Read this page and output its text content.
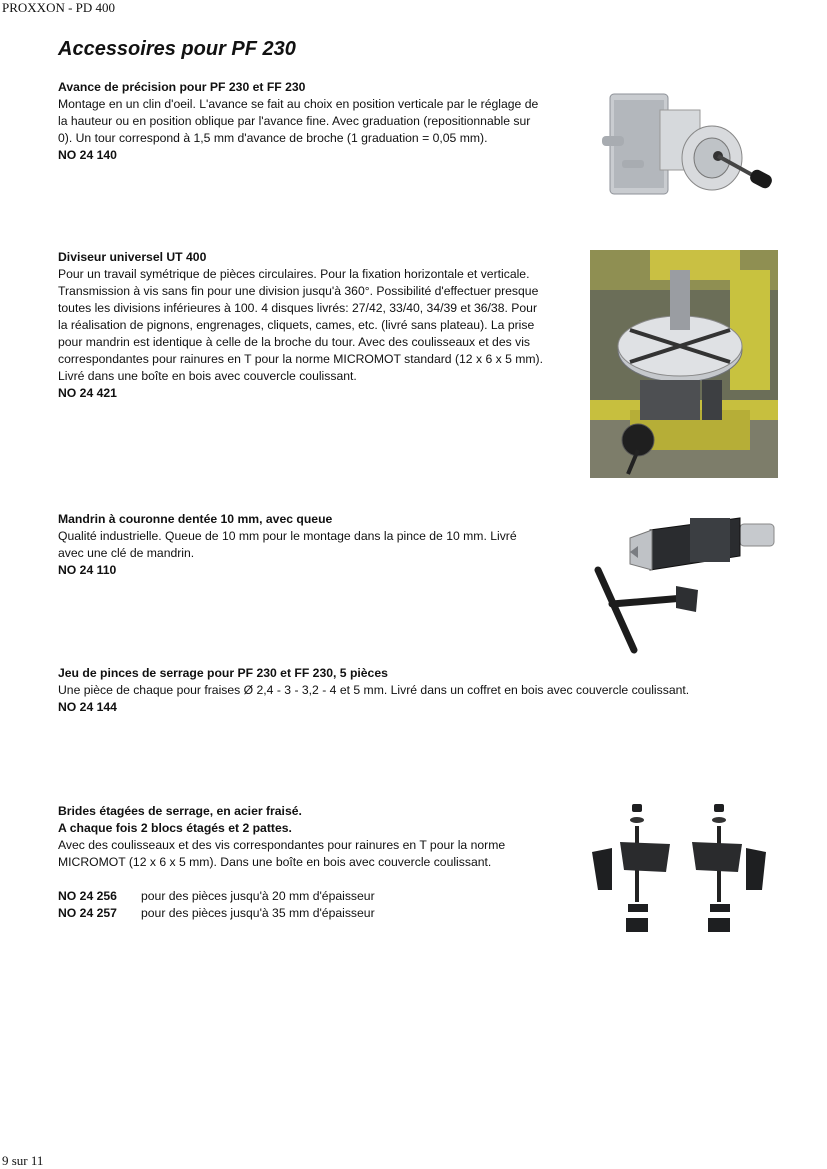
PROXXON - PD 400
Accessoires pour PF 230

Avance de précision pour PF 230 et FF 230

Montage en un clin d'oeil. L'avance se fait au choix en position verticale par le réglage de

la hauteur ou en position oblique par l'avance fine. Avec graduation (repositionnable sur

0). Un tour correspond à 1,5 mm d'avance de broche (1 graduation = 0,05 mm).

NO 24 140

Diviseur universel UT 400

Pour un travail symétrique de pièces circulaires. Pour la fixation horizontale et verticale.

Transmission à vis sans fin pour une division jusqu'à 360°. Possibilité d'effectuer presque

toutes les divisions inférieures à 100. 4 disques livrés: 27/42, 33/40, 34/39 et 36/38. Pour

la réalisation de pignons, engrenages, cliquets, cames, etc. (livré sans plateau). La prise

pour mandrin est identique à celle de la broche du tour. Avec des coulisseaux et des vis

correspondantes pour rainures en T pour la norme MICROMOT standard (12 x 6 x 5 mm).

Livré dans une boîte en bois avec couvercle coulissant.

NO 24 421

Mandrin à couronne dentée 10 mm, avec queue

Qualité industrielle. Queue de 10 mm pour le montage dans la pince de 10 mm. Livré

avec une clé de mandrin.

NO 24 110

Jeu de pinces de serrage pour PF 230 et FF 230, 5 pièces

Une pièce de chaque pour fraises Ø 2,4 - 3 - 3,2 - 4 et 5 mm. Livré dans un coffret en bois avec couvercle coulissant.

NO 24 144

Brides étagées de serrage, en acier fraisé.

A chaque fois 2 blocs étagés et 2 pattes.

Avec des coulisseaux et des vis correspondantes pour rainures en T pour la norme

MICROMOT (12 x 6 x 5 mm). Dans une boîte en bois avec couvercle coulissant.

NO 24 256	pour des pièces jusqu'à 20 mm d'épaisseur
NO 24 257	pour des pièces jusqu'à 35 mm d'épaisseur
9 sur 11
